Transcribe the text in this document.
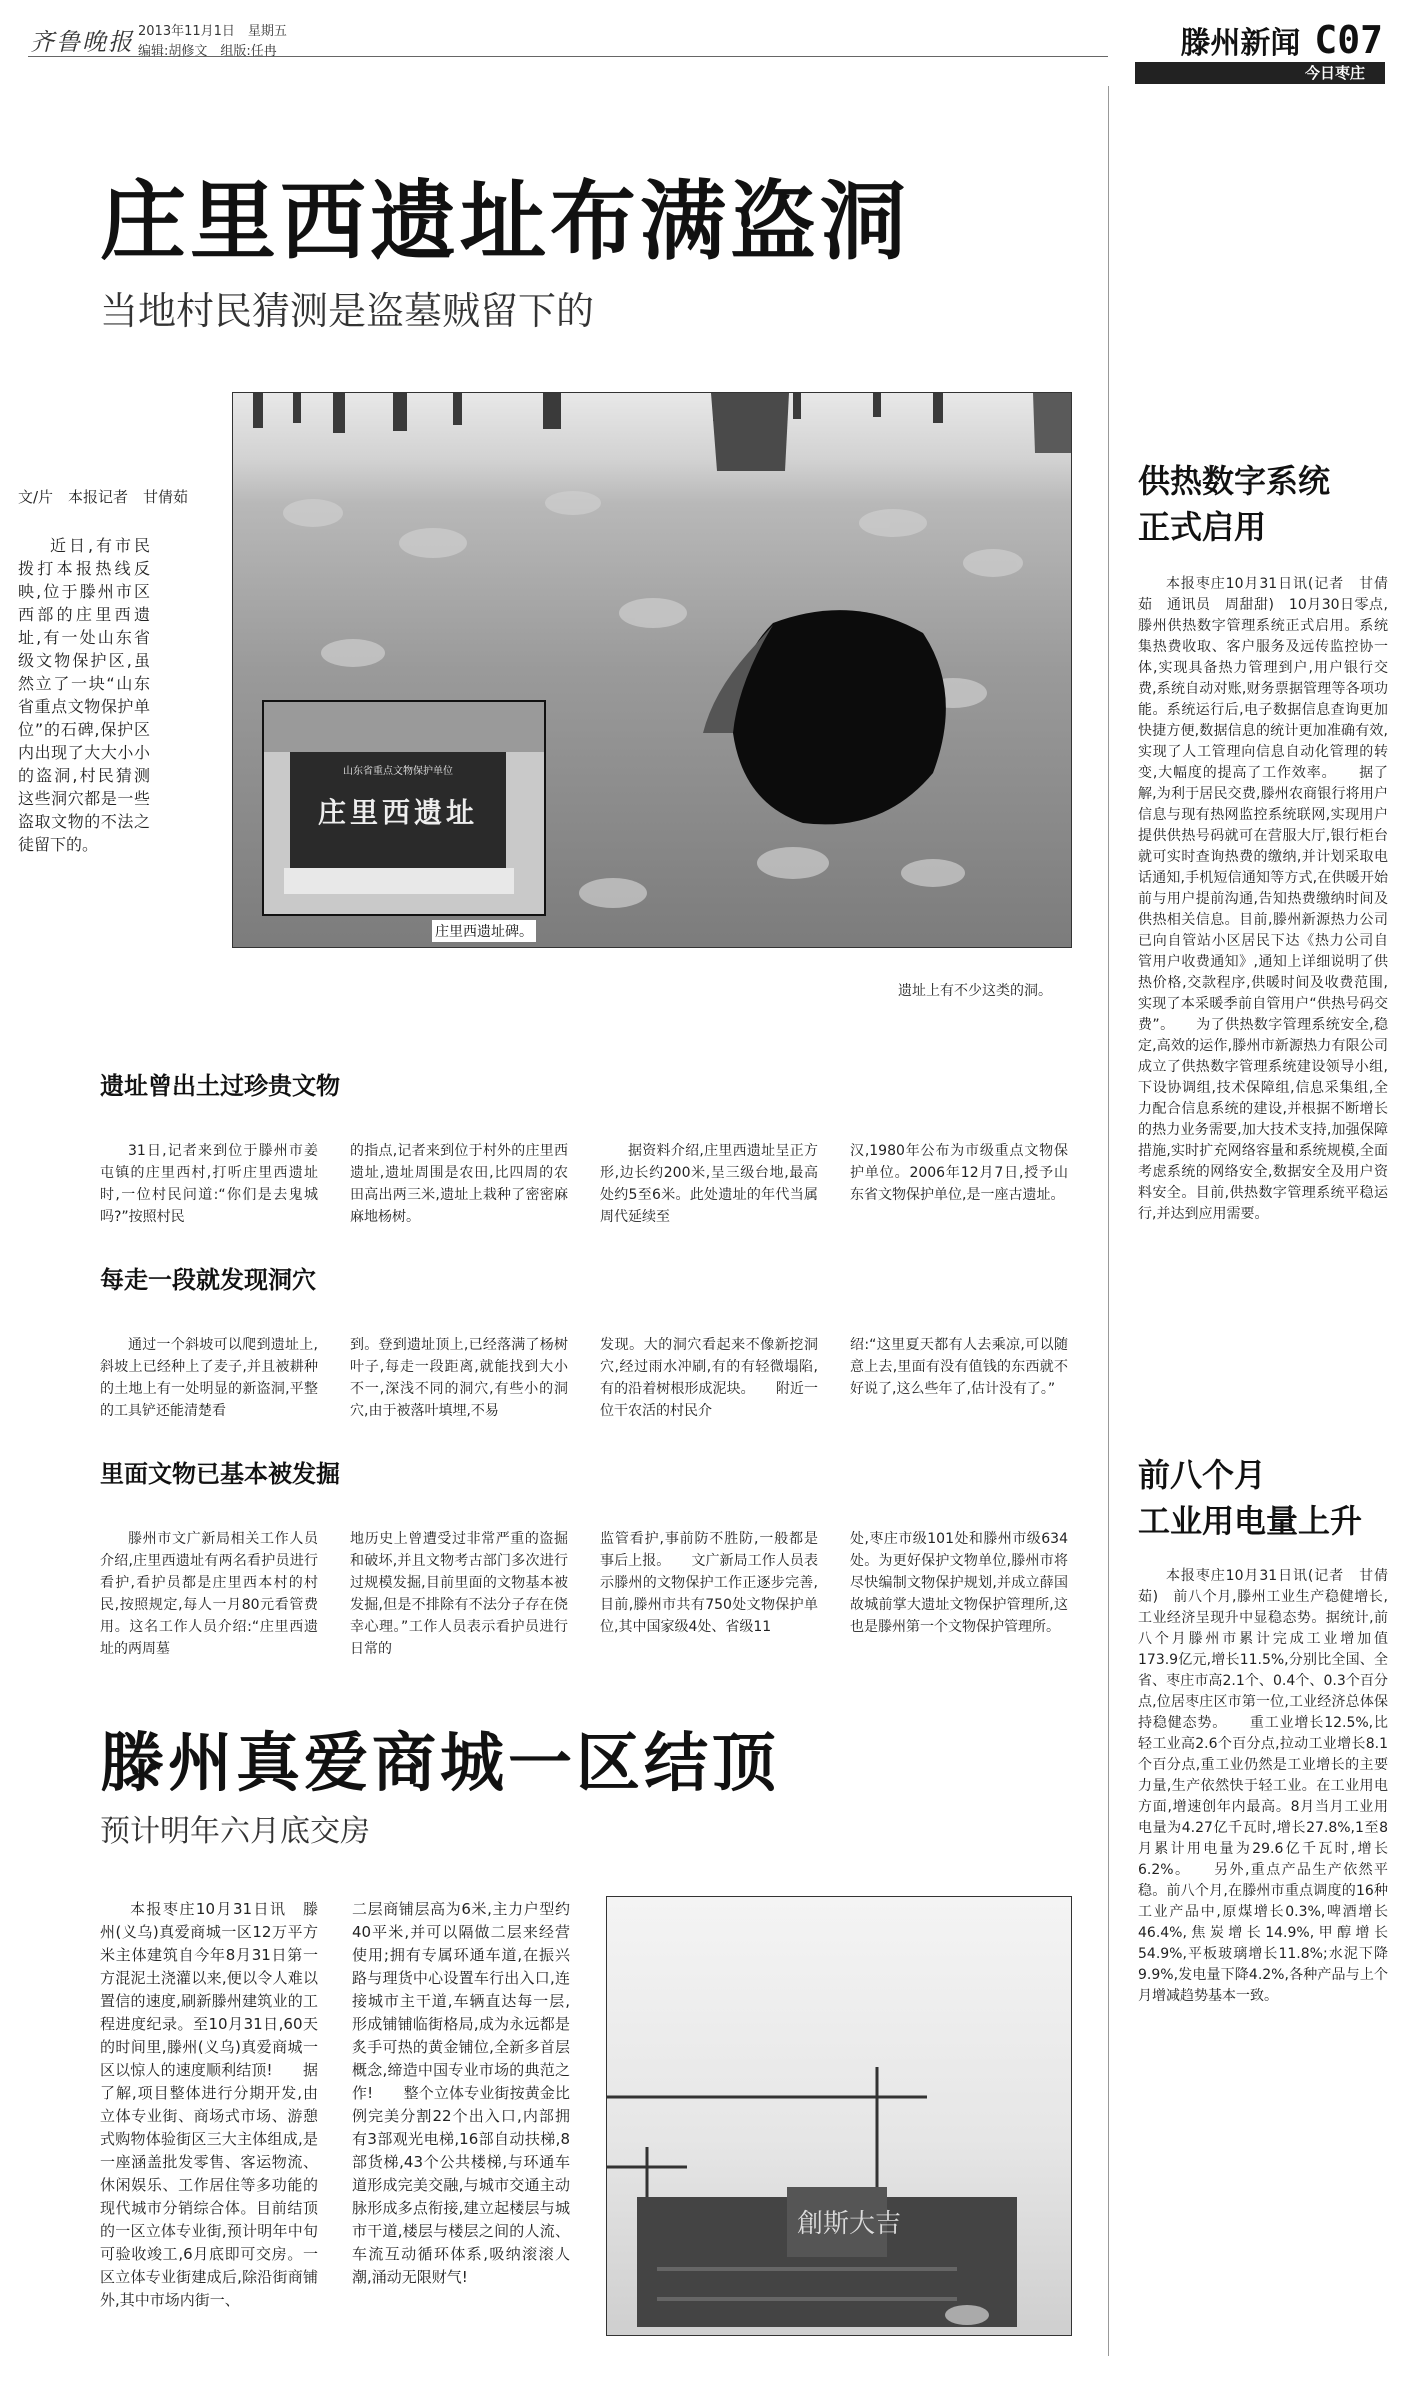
齐鲁晚报 2013年11月1日　星期五
编辑:胡修文　组版:任冉	滕州新闻 C07
今日枣庄
庄里西遗址布满盗洞
当地村民猜测是盗墓贼留下的
文/片　本报记者　甘倩茹
近日,有市民拨打本报热线反映,位于滕州市区西部的庄里西遗址,有一处山东省级文物保护区,虽然立了一块“山东省重点文物保护单位”的石碑,保护区内出现了大大小小的盗洞,村民猜测这些洞穴都是一些盗取文物的不法之徒留下的。
山东省重点文物保护单位
庄里西遗址
庄里西遗址碑。
遗址上有不少这类的洞。
遗址曾出土过珍贵文物
31日,记者来到位于滕州市姜屯镇的庄里西村,打听庄里西遗址时,一位村民问道:“你们是去鬼城吗?”按照村民
的指点,记者来到位于村外的庄里西遗址,遗址周围是农田,比四周的农田高出两三米,遗址上栽种了密密麻麻地杨树。
据资料介绍,庄里西遗址呈正方形,边长约200米,呈三级台地,最高处约5至6米。此处遗址的年代当属周代延续至
汉,1980年公布为市级重点文物保护单位。2006年12月7日,授予山东省文物保护单位,是一座古遗址。
每走一段就发现洞穴
通过一个斜坡可以爬到遗址上,斜坡上已经种上了麦子,并且被耕种的土地上有一处明显的新盗洞,平整的工具铲还能清楚看
到。登到遗址顶上,已经落满了杨树叶子,每走一段距离,就能找到大小不一,深浅不同的洞穴,有些小的洞穴,由于被落叶填埋,不易
发现。大的洞穴看起来不像新挖洞穴,经过雨水冲刷,有的有轻微塌陷,有的沿着树根形成泥块。　　附近一位干农活的村民介
绍:“这里夏天都有人去乘凉,可以随意上去,里面有没有值钱的东西就不好说了,这么些年了,估计没有了。”
里面文物已基本被发掘
滕州市文广新局相关工作人员介绍,庄里西遗址有两名看护员进行看护,看护员都是庄里西本村的村民,按照规定,每人一月80元看管费用。这名工作人员介绍:“庄里西遗址的两周墓
地历史上曾遭受过非常严重的盗掘和破坏,并且文物考古部门多次进行过规模发掘,目前里面的文物基本被发掘,但是不排除有不法分子存在侥幸心理。”工作人员表示看护员进行日常的
监管看护,事前防不胜防,一般都是事后上报。　　文广新局工作人员表示滕州的文物保护工作正逐步完善,目前,滕州市共有750处文物保护单位,其中国家级4处、省级11
处,枣庄市级101处和滕州市级634处。为更好保护文物单位,滕州市将尽快编制文物保护规划,并成立薛国故城前掌大遗址文物保护管理所,这也是滕州第一个文物保护管理所。
供热数字系统
正式启用
本报枣庄10月31日讯(记者　甘倩茹　通讯员　周甜甜)　10月30日零点,滕州供热数字管理系统正式启用。系统集热费收取、客户服务及远传监控协一体,实现具备热力管理到户,用户银行交费,系统自动对账,财务票据管理等各项功能。系统运行后,电子数据信息查询更加快捷方便,数据信息的统计更加准确有效,实现了人工管理向信息自动化管理的转变,大幅度的提高了工作效率。　　据了解,为利于居民交费,滕州农商银行将用户信息与现有热网监控系统联网,实现用户提供供热号码就可在营服大厅,银行柜台就可实时查询热费的缴纳,并计划采取电话通知,手机短信通知等方式,在供暖开始前与用户提前沟通,告知热费缴纳时间及供热相关信息。目前,滕州新源热力公司已向自管站小区居民下达《热力公司自管用户收费通知》,通知上详细说明了供热价格,交款程序,供暖时间及收费范围,实现了本采暖季前自管用户“供热号码交费”。　　为了供热数字管理系统安全,稳定,高效的运作,滕州市新源热力有限公司成立了供热数字管理系统建设领导小组,下设协调组,技术保障组,信息采集组,全力配合信息系统的建设,并根据不断增长的热力业务需要,加大技术支持,加强保障措施,实时扩充网络容量和系统规模,全面考虑系统的网络安全,数据安全及用户资料安全。目前,供热数字管理系统平稳运行,并达到应用需要。
前八个月
工业用电量上升
本报枣庄10月31日讯(记者　甘倩茹)　前八个月,滕州工业生产稳健增长,工业经济呈现升中显稳态势。据统计,前八个月滕州市累计完成工业增加值173.9亿元,增长11.5%,分别比全国、全省、枣庄市高2.1个、0.4个、0.3个百分点,位居枣庄区市第一位,工业经济总体保持稳健态势。　　重工业增长12.5%,比轻工业高2.6个百分点,拉动工业增长8.1个百分点,重工业仍然是工业增长的主要力量,生产依然快于轻工业。在工业用电方面,增速创年内最高。8月当月工业用电量为4.27亿千瓦时,增长27.8%,1至8月累计用电量为29.6亿千瓦时,增长6.2%。　　另外,重点产品生产依然平稳。前八个月,在滕州市重点调度的16种工业产品中,原煤增长0.3%,啤酒增长46.4%,焦炭增长14.9%,甲醇增长54.9%,平板玻璃增长11.8%;水泥下降9.9%,发电量下降4.2%,各种产品与上个月增减趋势基本一致。
滕州真爱商城一区结顶
预计明年六月底交房
本报枣庄10月31日讯　滕州(义乌)真爱商城一区12万平方米主体建筑自今年8月31日第一方混泥土浇灌以来,便以令人难以置信的速度,刷新滕州建筑业的工程进度纪录。至10月31日,60天的时间里,滕州(义乌)真爱商城一区以惊人的速度顺利结顶!　　据了解,项目整体进行分期开发,由立体专业街、商场式市场、游憩式购物体验街区三大主体组成,是一座涵盖批发零售、客运物流、休闲娱乐、工作居住等多功能的现代城市分销综合体。目前结顶的一区立体专业街,预计明年中旬可验收竣工,6月底即可交房。一区立体专业街建成后,除沿街商铺外,其中市场内街一、
二层商铺层高为6米,主力户型约40平米,并可以隔做二层来经营使用;拥有专属环通车道,在振兴路与理货中心设置车行出入口,连接城市主干道,车辆直达每一层,形成铺铺临街格局,成为永远都是炙手可热的黄金铺位,全新多首层概念,缔造中国专业市场的典范之作!　　整个立体专业街按黄金比例完美分割22个出入口,内部拥有3部观光电梯,16部自动扶梯,8部货梯,43个公共楼梯,与环通车道形成完美交融,与城市交通主动脉形成多点衔接,建立起楼层与城市干道,楼层与楼层之间的人流、车流互动循环体系,吸纳滚滚人潮,涌动无限财气!
創斯大吉
